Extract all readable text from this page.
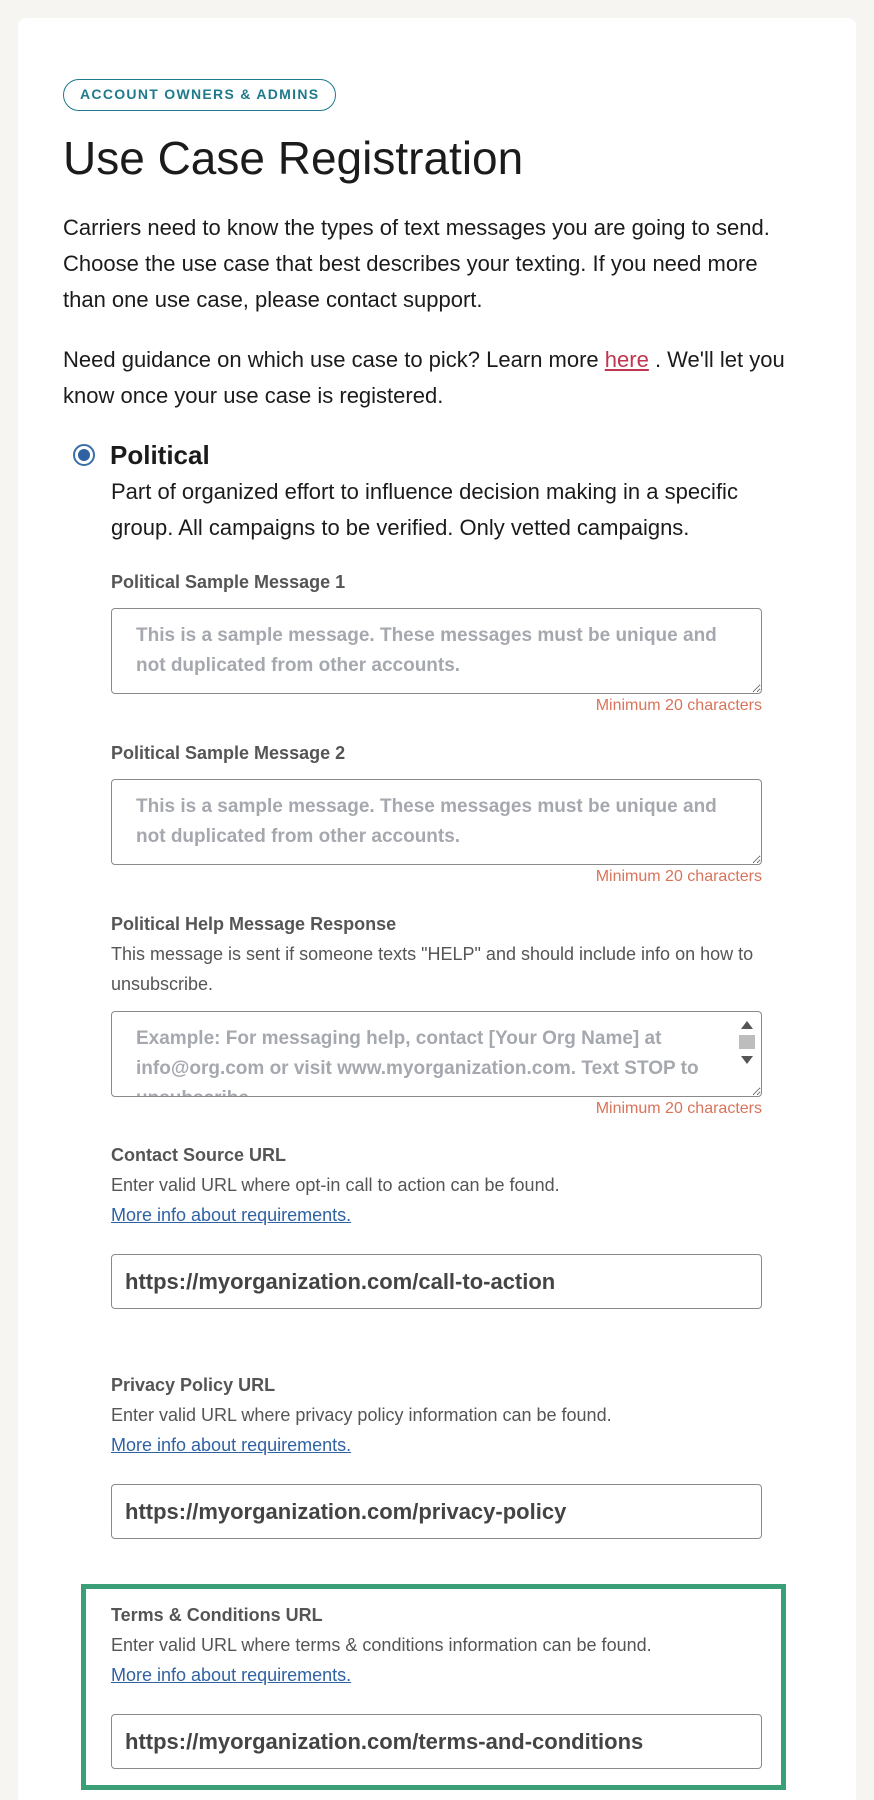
ACCOUNT OWNERS & ADMINS
Use Case Registration

Carriers need to know the types of text messages you are going to send. Choose the use case that best describes your texting. If you need more than one use case, please contact support.

Need guidance on which use case to pick? Learn more here . We'll let you know once your use case is registered.

Political

Part of organized effort to influence decision making in a specific group. All campaigns to be verified. Only vetted campaigns.

Political Sample Message 1
This is a sample message. These messages must be unique and not duplicated from other accounts.
Minimum 20 characters
Political Sample Message 2
This is a sample message. These messages must be unique and not duplicated from other accounts.
Minimum 20 characters
Political Help Message Response

This message is sent if someone texts "HELP" and should include info on how to unsubscribe.

Example: For messaging help, contact [Your Org Name] at info@org.com or visit www.myorganization.com. Text STOP to unsubscribe.
Minimum 20 characters
Contact Source URL

Enter valid URL where opt-in call to action can be found.

More info about requirements.
https://myorganization.com/call-to-action
Privacy Policy URL

Enter valid URL where privacy policy information can be found.

More info about requirements.
https://myorganization.com/privacy-policy
Terms & Conditions URL

Enter valid URL where terms & conditions information can be found.

More info about requirements.
https://myorganization.com/terms-and-conditions
